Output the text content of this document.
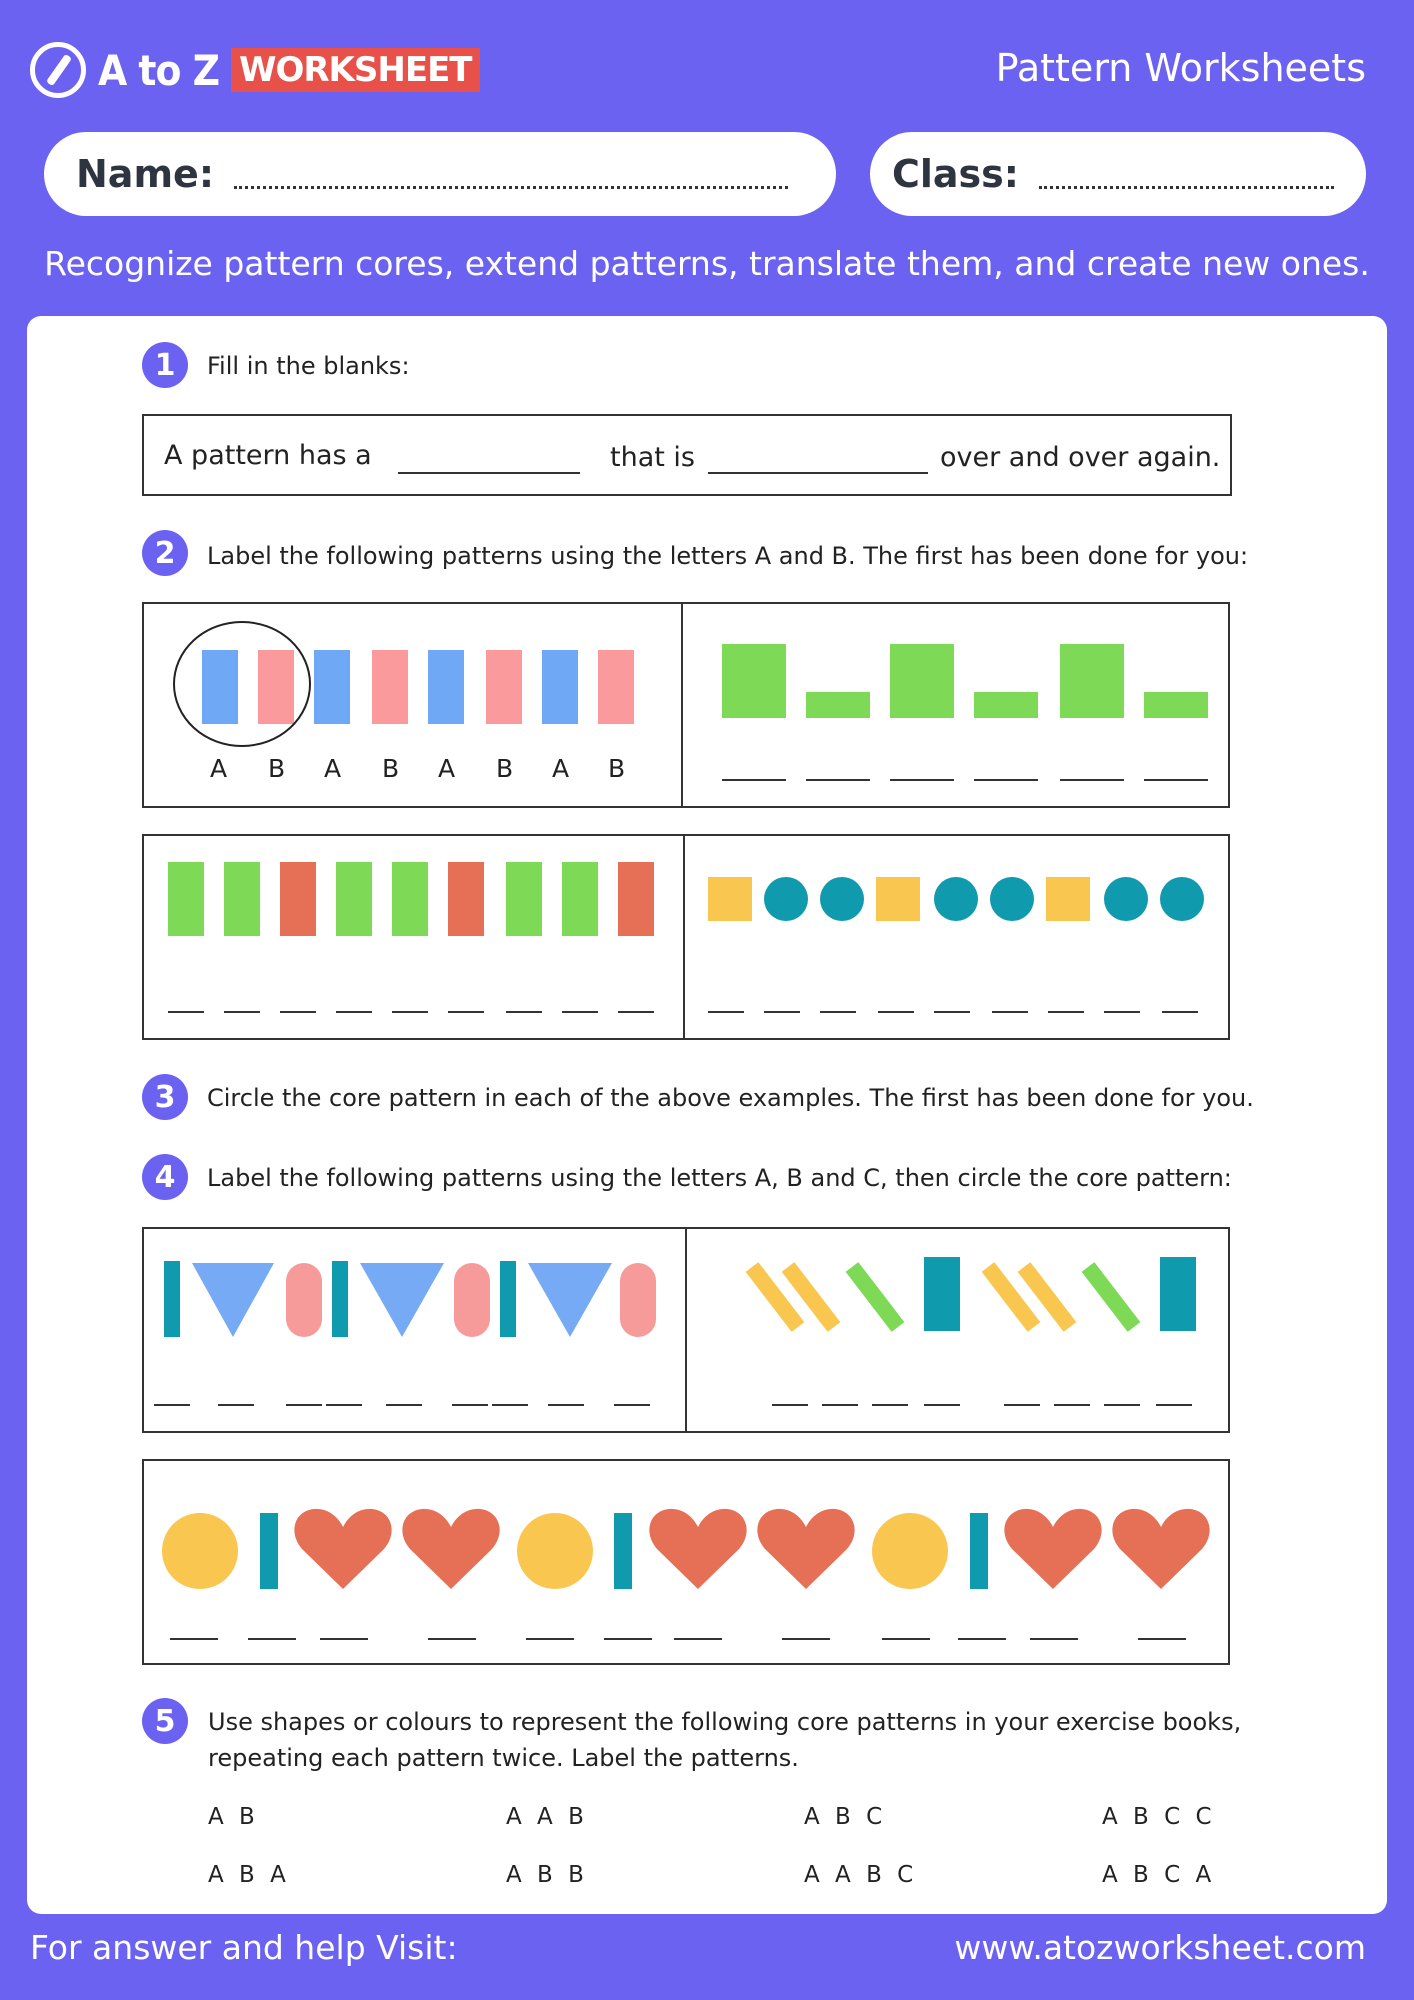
A to Z WORKSHEET	Pattern Worksheets
Name:	Class:
Recognize pattern cores, extend patterns, translate them, and create new ones.
1	Fill in the blanks:
A pattern has a	that is	over and over again.
2	Label the following patterns using the letters A and B. The first has been done for you:
A B A B A B A B
3	Circle the core pattern in each of the above examples. The first has been done for you.
4	Label the following patterns using the letters A, B and C, then circle the core pattern:
5	Use shapes or colours to represent the following core patterns in your exercise books,
repeating each pattern twice. Label the patterns.
A B	A A B	A B C	A B C C
A B A	A B B	A A B C	A B C A
For answer and help Visit:	www.atozworksheet.com
